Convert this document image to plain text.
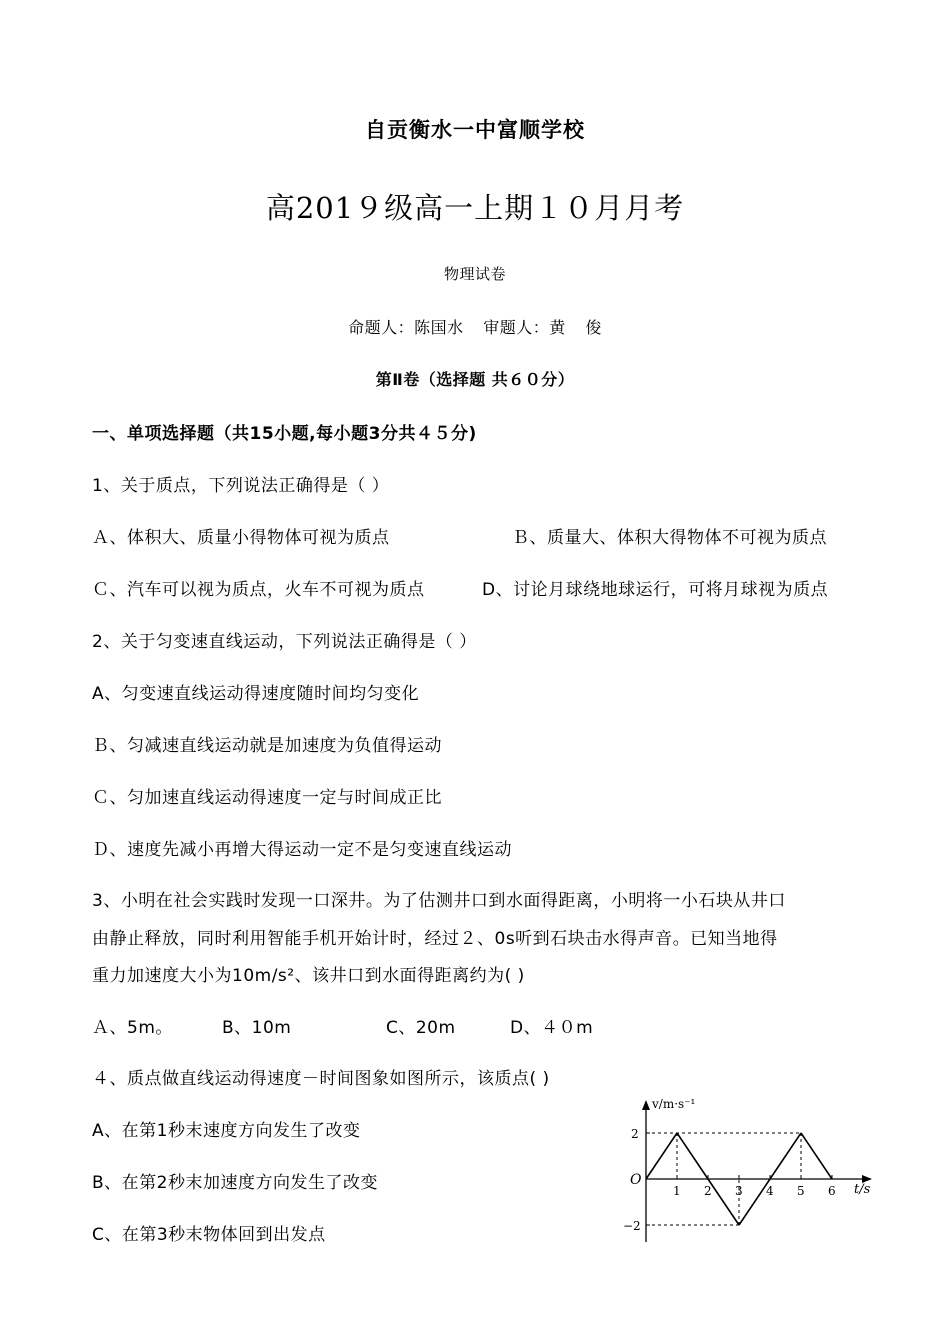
自贡衡水一中富顺学校
高201９级高一上期１０月月考
物理试卷
命题人：陈国水 审题人：黄 俊
第Ⅱ卷（选择题 共６０分）
一、单项选择题（共15小题,每小题3分共４５分)
1、关于质点，下列说法正确得是（ ）
Ａ、体积大、质量小得物体可视为质点	Ｂ、质量大、体积大得物体不可视为质点
Ｃ、汽车可以视为质点，火车不可视为质点	D、讨论月球绕地球运行，可将月球视为质点
2、关于匀变速直线运动，下列说法正确得是（ ）
A、匀变速直线运动得速度随时间均匀变化
Ｂ、匀减速直线运动就是加速度为负值得运动
Ｃ、匀加速直线运动得速度一定与时间成正比
Ｄ、速度先减小再增大得运动一定不是匀变速直线运动
3、小明在社会实践时发现一口深井。为了估测井口到水面得距离，小明将一小石块从井口
由静止释放，同时利用智能手机开始计时，经过２、0s听到石块击水得声音。已知当地得
重力加速度大小为10m/s²、该井口到水面得距离约为( )
Ａ、5m。	B、10m	C、20m	D、４０m
４、质点做直线运动得速度－时间图象如图所示，该质点( )
A、在第1秒末速度方向发生了改变
B、在第2秒末加速度方向发生了改变
C、在第3秒末物体回到出发点
v/m·s⁻¹
t/s
O
1 2 3 4 5 6
2
−2
